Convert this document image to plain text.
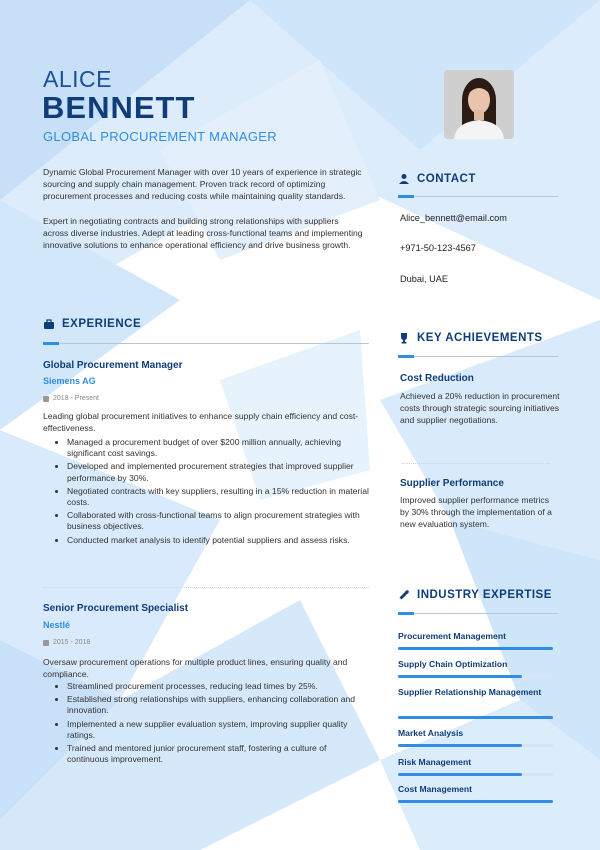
ALICE
BENNETT
GLOBAL PROCUREMENT MANAGER

Dynamic Global Procurement Manager with over 10 years of experience in strategic sourcing and supply chain management. Proven track record of optimizing procurement processes and reducing costs while maintaining quality standards.

Expert in negotiating contracts and building strong relationships with suppliers across diverse industries. Adept at leading cross-functional teams and implementing innovative solutions to enhance operational efficiency and drive business growth.

EXPERIENCE
Global Procurement Manager
Siemens AG
2018 - Present
Leading global procurement initiatives to enhance supply chain efficiency and cost-effectiveness.
Managed a procurement budget of over $200 million annually, achieving significant cost savings.
Developed and implemented procurement strategies that improved supplier performance by 30%.
Negotiated contracts with key suppliers, resulting in a 15% reduction in material costs.
Collaborated with cross-functional teams to align procurement strategies with business objectives.
Conducted market analysis to identify potential suppliers and assess risks.
Senior Procurement Specialist
Nestlé
2015 - 2018
Oversaw procurement operations for multiple product lines, ensuring quality and compliance.
Streamlined procurement processes, reducing lead times by 25%.
Established strong relationships with suppliers, enhancing collaboration and innovation.
Implemented a new supplier evaluation system, improving supplier quality ratings.
Trained and mentored junior procurement staff, fostering a culture of continuous improvement.
CONTACT
Alice_bennett@email.com
+971-50-123-4567
Dubai, UAE
KEY ACHIEVEMENTS
Cost Reduction
Achieved a 20% reduction in procurement costs through strategic sourcing initiatives and supplier negotiations.
Supplier Performance
Improved supplier performance metrics by 30% through the implementation of a new evaluation system.
INDUSTRY EXPERTISE
Procurement Management
Supply Chain Optimization
Supplier Relationship Management
Market Analysis
Risk Management
Cost Management
